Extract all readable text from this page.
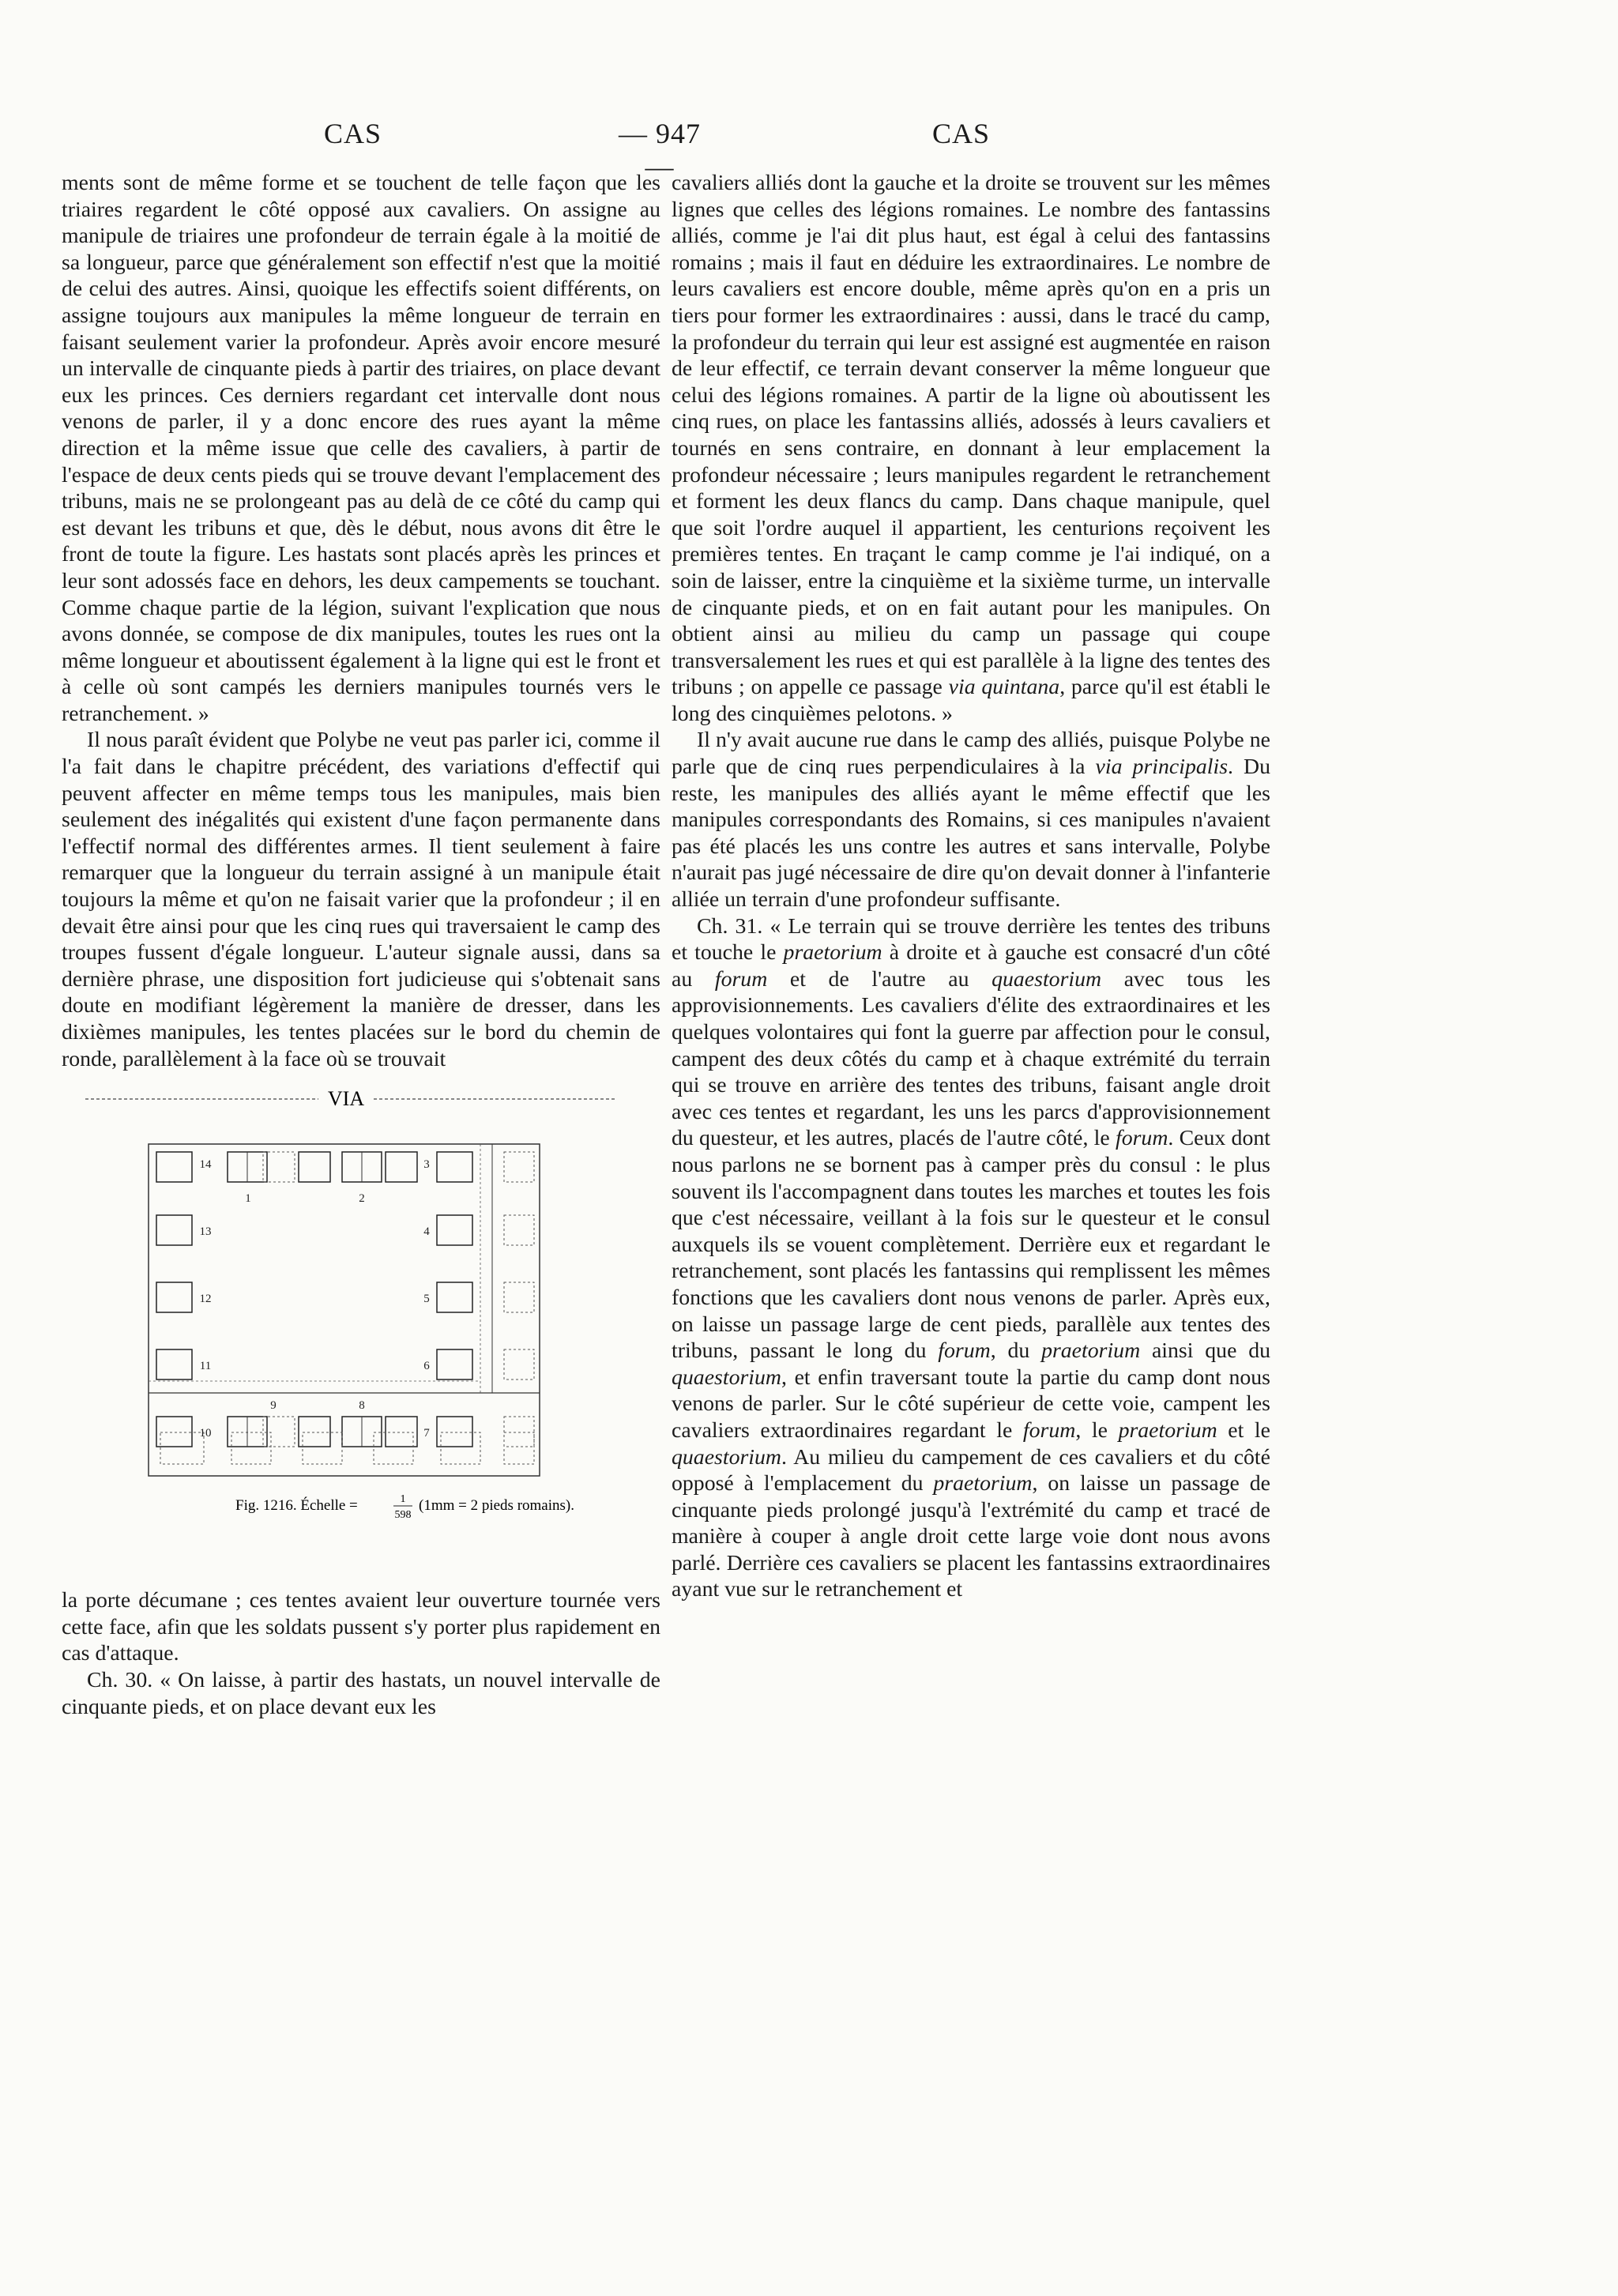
CAS	— 947 —
CAS

ments sont de même forme et se touchent de telle façon que les triaires regardent le côté opposé aux cavaliers. On assigne au manipule de triaires une profondeur de terrain égale à la moitié de sa longueur, parce que généralement son effectif n'est que la moitié de celui des autres. Ainsi, quoique les effectifs soient différents, on assigne toujours aux manipules la même longueur de terrain en faisant seulement varier la profondeur. Après avoir encore mesuré un intervalle de cinquante pieds à partir des triaires, on place devant eux les princes. Ces derniers regardant cet intervalle dont nous venons de parler, il y a donc encore des rues ayant la même direction et la même issue que celle des cavaliers, à partir de l'espace de deux cents pieds qui se trouve devant l'emplacement des tribuns, mais ne se prolongeant pas au delà de ce côté du camp qui est devant les tribuns et que, dès le début, nous avons dit être le front de toute la figure. Les hastats sont placés après les princes et leur sont adossés face en dehors, les deux campements se touchant. Comme chaque partie de la légion, suivant l'explication que nous avons donnée, se compose de dix manipules, toutes les rues ont la même longueur et aboutissent également à la ligne qui est le front et à celle où sont campés les derniers manipules tournés vers le retranchement. »

Il nous paraît évident que Polybe ne veut pas parler ici, comme il l'a fait dans le chapitre précédent, des variations d'effectif qui peuvent affecter en même temps tous les manipules, mais bien seulement des inégalités qui existent d'une façon permanente dans l'effectif normal des différentes armes. Il tient seulement à faire remarquer que la longueur du terrain assigné à un manipule était toujours la même et qu'on ne faisait varier que la profondeur ; il en devait être ainsi pour que les cinq rues qui traversaient le camp des troupes fussent d'égale longueur. L'auteur signale aussi, dans sa dernière phrase, une disposition fort judicieuse qui s'obtenait sans doute en modifiant légèrement la manière de dresser, dans les dixièmes manipules, les tentes placées sur le bord du chemin de ronde, parallèlement à la face où se trouvait

VIA
1	2
3
4
5
6
7
8
9
10
11
12
13
14
Fig. 1216. Échelle =	1
598
(1mm = 2 pieds romains).

la porte décumane ; ces tentes avaient leur ouverture tournée vers cette face, afin que les soldats pussent s'y porter plus rapidement en cas d'attaque.

Ch. 30. « On laisse, à partir des hastats, un nouvel intervalle de cinquante pieds, et on place devant eux les

cavaliers alliés dont la gauche et la droite se trouvent sur les mêmes lignes que celles des légions romaines. Le nombre des fantassins alliés, comme je l'ai dit plus haut, est égal à celui des fantassins romains ; mais il faut en déduire les extraordinaires. Le nombre de leurs cavaliers est encore double, même après qu'on en a pris un tiers pour former les extraordinaires : aussi, dans le tracé du camp, la profondeur du terrain qui leur est assigné est augmentée en raison de leur effectif, ce terrain devant conserver la même longueur que celui des légions romaines. A partir de la ligne où aboutissent les cinq rues, on place les fantassins alliés, adossés à leurs cavaliers et tournés en sens contraire, en donnant à leur emplacement la profondeur nécessaire ; leurs manipules regardent le retranchement et forment les deux flancs du camp. Dans chaque manipule, quel que soit l'ordre auquel il appartient, les centurions reçoivent les premières tentes. En traçant le camp comme je l'ai indiqué, on a soin de laisser, entre la cinquième et la sixième turme, un intervalle de cinquante pieds, et on en fait autant pour les manipules. On obtient ainsi au milieu du camp un passage qui coupe transversalement les rues et qui est parallèle à la ligne des tentes des tribuns ; on appelle ce passage via quintana, parce qu'il est établi le long des cinquièmes pelotons. »

Il n'y avait aucune rue dans le camp des alliés, puisque Polybe ne parle que de cinq rues perpendiculaires à la via principalis. Du reste, les manipules des alliés ayant le même effectif que les manipules correspondants des Romains, si ces manipules n'avaient pas été placés les uns contre les autres et sans intervalle, Polybe n'aurait pas jugé nécessaire de dire qu'on devait donner à l'infanterie alliée un terrain d'une profondeur suffisante.

Ch. 31. « Le terrain qui se trouve derrière les tentes des tribuns et touche le praetorium à droite et à gauche est consacré d'un côté au forum et de l'autre au quaestorium avec tous les approvisionnements. Les cavaliers d'élite des extraordinaires et les quelques volontaires qui font la guerre par affection pour le consul, campent des deux côtés du camp et à chaque extrémité du terrain qui se trouve en arrière des tentes des tribuns, faisant angle droit avec ces tentes et regardant, les uns les parcs d'approvisionnement du questeur, et les autres, placés de l'autre côté, le forum. Ceux dont nous parlons ne se bornent pas à camper près du consul : le plus souvent ils l'accompagnent dans toutes les marches et toutes les fois que c'est nécessaire, veillant à la fois sur le questeur et le consul auxquels ils se vouent complètement. Derrière eux et regardant le retranchement, sont placés les fantassins qui remplissent les mêmes fonctions que les cavaliers dont nous venons de parler. Après eux, on laisse un passage large de cent pieds, parallèle aux tentes des tribuns, passant le long du forum, du praetorium ainsi que du quaestorium, et enfin traversant toute la partie du camp dont nous venons de parler. Sur le côté supérieur de cette voie, campent les cavaliers extraordinaires regardant le forum, le praetorium et le quaestorium. Au milieu du campement de ces cavaliers et du côté opposé à l'emplacement du praetorium, on laisse un passage de cinquante pieds prolongé jusqu'à l'extrémité du camp et tracé de manière à couper à angle droit cette large voie dont nous avons parlé. Derrière ces cavaliers se placent les fantassins extraordinaires ayant vue sur le retranchement et
